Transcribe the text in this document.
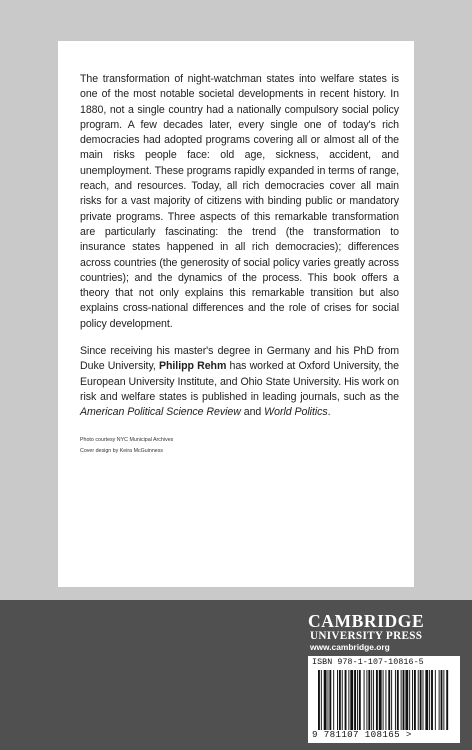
The transformation of night-watchman states into welfare states is one of the most notable societal developments in recent history. In 1880, not a single country had a nationally compulsory social policy program. A few decades later, every single one of today's rich democracies had adopted programs covering all or almost all of the main risks people face: old age, sickness, accident, and unemployment. These programs rapidly expanded in terms of range, reach, and resources. Today, all rich democracies cover all main risks for a vast majority of citizens with binding public or mandatory private programs. Three aspects of this remarkable transformation are particularly fascinating: the trend (the transformation to insurance states happened in all rich democracies); differences across countries (the generosity of social policy varies greatly across countries); and the dynamics of the process. This book offers a theory that not only explains this remarkable transition but also explains cross-national differences and the role of crises for social policy development.

Since receiving his master's degree in Germany and his PhD from Duke University, Philipp Rehm has worked at Oxford University, the European University Institute, and Ohio State University. His work on risk and welfare states is published in leading journals, such as the American Political Science Review and World Politics.

Photo courtesy NYC Municipal Archives
Cover design by Keira McGuinness
CAMBRIDGE
UNIVERSITY PRESS
www.cambridge.org
ISBN 978-1-107-10816-5
9 781107 108165 >
